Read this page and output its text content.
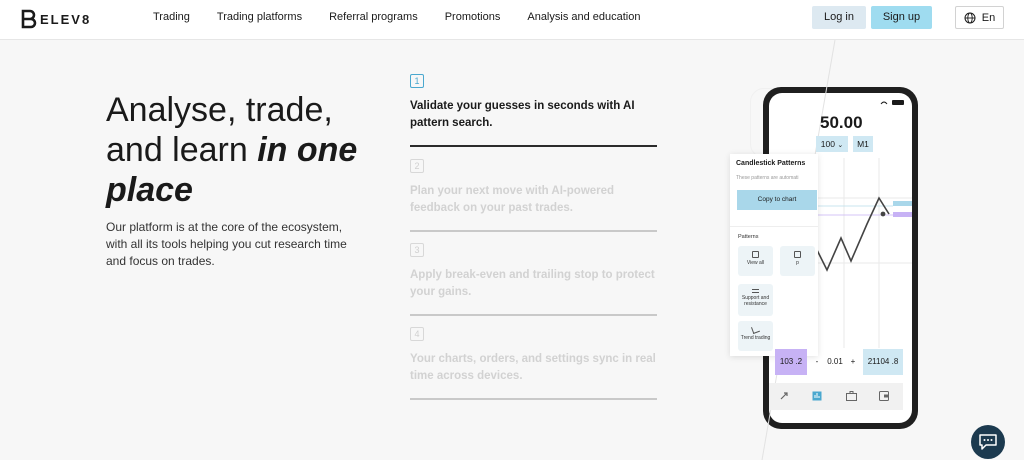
ELEV8	Trading Trading platforms Referral programs Promotions Analysis and education	Log in	Sign up	En
Analyse, trade, and learn in one place

Our platform is at the core of the ecosystem, with all its tools helping you cut research time and focus on trades.

1
Validate your guesses in seconds with AI pattern search.
2
Plan your next move with AI-powered feedback on your past trades.
3
Apply break-even and trailing stop to protect your gains.
4
Your charts, orders, and settings sync in real time across devices.
50.00
100 ⌄	M1
Candlestick Patterns
These patterns are automati
Copy to chart
Patterns
View all	p
Support and resistance
Trend trading
103 .2	-	0.01 +	21104 .8
